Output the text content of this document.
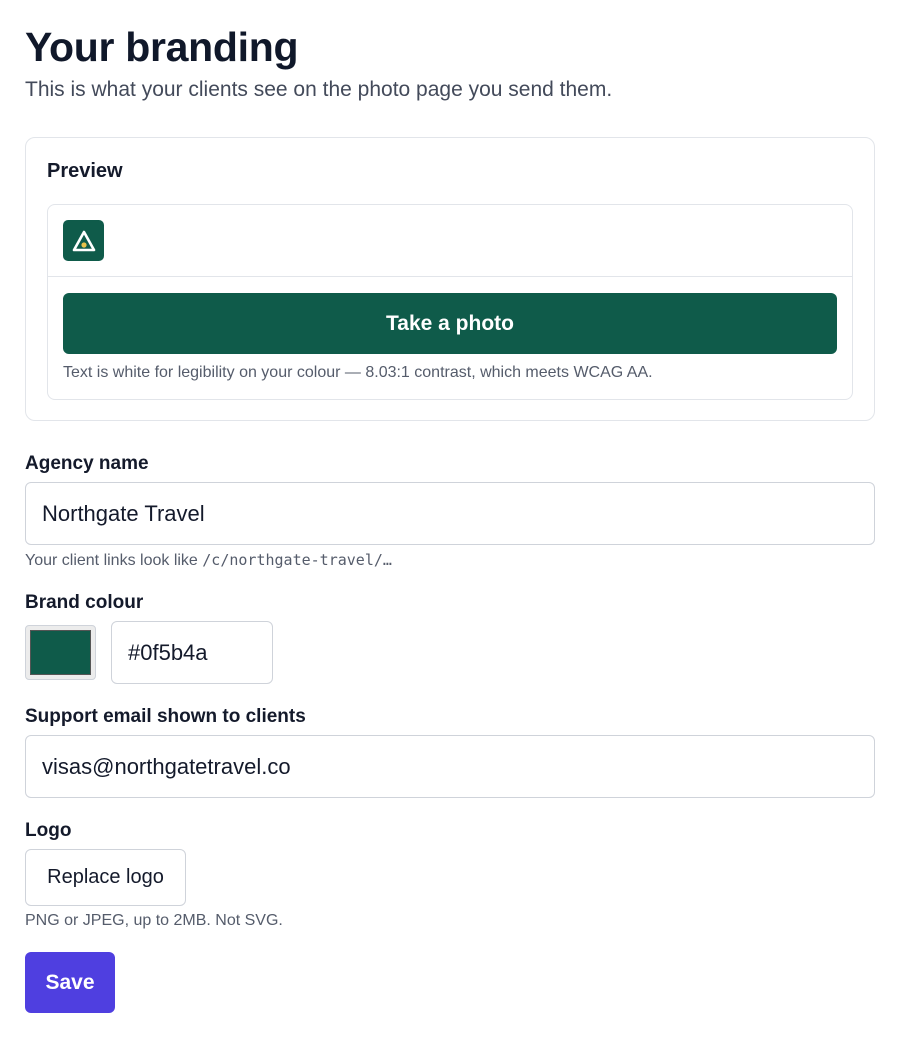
Your branding

This is what your clients see on the photo page you send them.

Preview
Take a photo
Text is white for legibility on your colour — 8.03:1 contrast, which meets WCAG AA.
Agency name
Northgate Travel
Your client links look like /c/northgate-travel/…
Brand colour
#0f5b4a
Support email shown to clients
visas@northgatetravel.co
Logo
Replace logo
PNG or JPEG, up to 2MB. Not SVG.
Save
